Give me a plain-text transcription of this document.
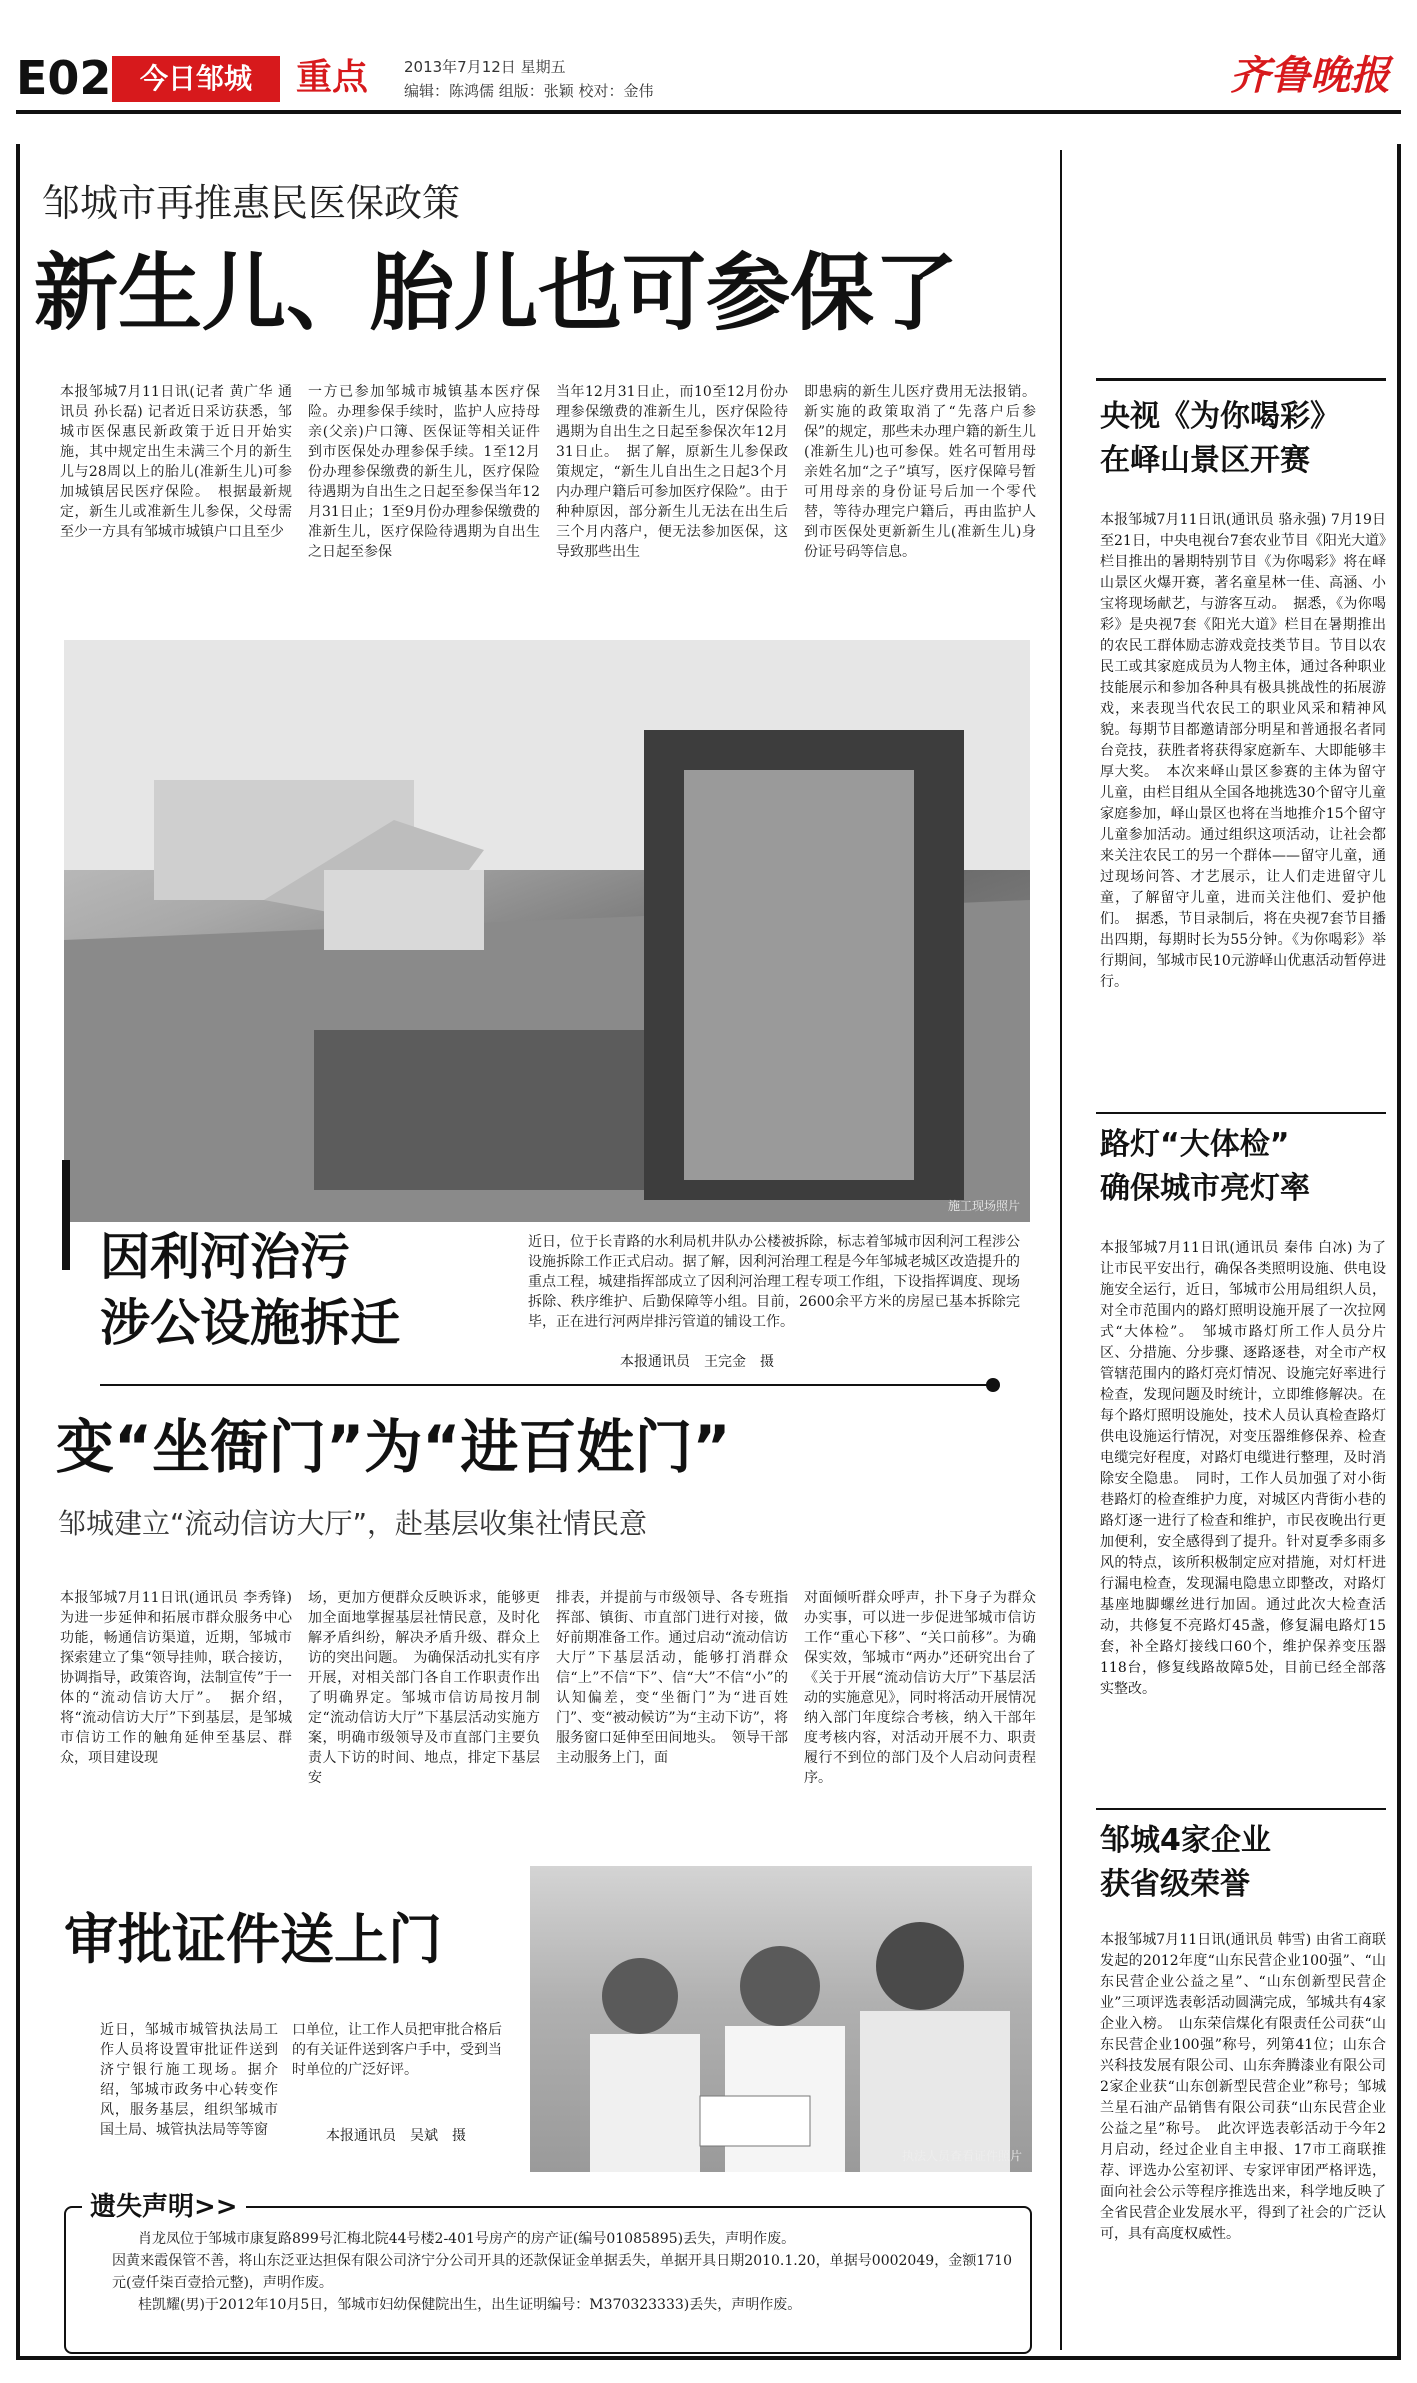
E02	今日邹城	重点 2013年7月12日 星期五
编辑：陈鸿儒 组版：张颖 校对：金伟	齐鲁晚报
邹城市再推惠民医保政策
新生儿、胎儿也可参保了
本报邹城7月11日讯(记者 黄广华 通讯员 孙长磊) 记者近日采访获悉，邹城市医保惠民新政策于近日开始实施，其中规定出生未满三个月的新生儿与28周以上的胎儿(准新生儿)可参加城镇居民医疗保险。　根据最新规定，新生儿或准新生儿参保，父母需至少一方具有邹城市城镇户口且至少
一方已参加邹城市城镇基本医疗保险。办理参保手续时，监护人应持母亲(父亲)户口簿、医保证等相关证件到市医保处办理参保手续。1至12月份办理参保缴费的新生儿，医疗保险待遇期为自出生之日起至参保当年12月31日止；1至9月份办理参保缴费的准新生儿，医疗保险待遇期为自出生之日起至参保
当年12月31日止，而10至12月份办理参保缴费的准新生儿，医疗保险待遇期为自出生之日起至参保次年12月31日止。　据了解，原新生儿参保政策规定，“新生儿自出生之日起3个月内办理户籍后可参加医疗保险”。由于种种原因，部分新生儿无法在出生后三个月内落户，便无法参加医保，这导致那些出生
即患病的新生儿医疗费用无法报销。新实施的政策取消了“先落户后参保”的规定，那些未办理户籍的新生儿(准新生儿)也可参保。姓名可暂用母亲姓名加“之子”填写，医疗保障号暂可用母亲的身份证号后加一个零代替，等待办理完户籍后，再由监护人到市医保处更新新生儿(准新生儿)身份证号码等信息。
施工现场照片
因利河治污
涉公设施拆迁
近日，位于长青路的水利局机井队办公楼被拆除，标志着邹城市因利河工程涉公设施拆除工作正式启动。据了解，因利河治理工程是今年邹城老城区改造提升的重点工程，城建指挥部成立了因利河治理工程专项工作组，下设指挥调度、现场拆除、秩序维护、后勤保障等小组。目前，2600余平方米的房屋已基本拆除完毕，正在进行河两岸排污管道的铺设工作。
本报通讯员　王完金　摄
变“坐衙门”为“进百姓门”
邹城建立“流动信访大厅”，赴基层收集社情民意
本报邹城7月11日讯(通讯员 李秀锋) 为进一步延伸和拓展市群众服务中心功能，畅通信访渠道，近期，邹城市探索建立了集“领导挂帅，联合接访，协调指导，政策咨询，法制宣传”于一体的“流动信访大厅”。　据介绍，将“流动信访大厅”下到基层，是邹城市信访工作的触角延伸至基层、群众，项目建设现
场，更加方便群众反映诉求，能够更加全面地掌握基层社情民意，及时化解矛盾纠纷，解决矛盾升级、群众上访的突出问题。　为确保活动扎实有序开展，对相关部门各自工作职责作出了明确界定。邹城市信访局按月制定“流动信访大厅”下基层活动实施方案，明确市级领导及市直部门主要负责人下访的时间、地点，排定下基层安
排表，并提前与市级领导、各专班指挥部、镇街、市直部门进行对接，做好前期准备工作。通过启动“流动信访大厅”下基层活动，能够打消群众信“上”不信“下”、信“大”不信“小”的认知偏差，变“坐衙门”为“进百姓门”、变“被动候访”为“主动下访”，将服务窗口延伸至田间地头。　领导干部主动服务上门，面
对面倾听群众呼声，扑下身子为群众办实事，可以进一步促进邹城市信访工作“重心下移”、“关口前移”。为确保实效，邹城市“两办”还研究出台了《关于开展“流动信访大厅”下基层活动的实施意见》，同时将活动开展情况纳入部门年度综合考核，纳入干部年度考核内容，对活动开展不力、职责履行不到位的部门及个人启动问责程序。
审批证件送上门
近日，邹城市城管执法局工作人员将设置审批证件送到济宁银行施工现场。据介绍，邹城市政务中心转变作风，服务基层，组织邹城市国土局、城管执法局等等窗
口单位，让工作人员把审批合格后的有关证件送到客户手中，受到当时单位的广泛好评。
本报通讯员　吴斌　摄
执法人员查看证件照片
遗失声明>>
肖龙凤位于邹城市康复路899号汇梅北院44号楼2-401号房产的房产证(编号01085895)丢失，声明作废。
因黄来霞保管不善，将山东泛亚达担保有限公司济宁分公司开具的还款保证金单据丢失，单据开具日期2010.1.20，单据号0002049，金额1710元(壹仟柒百壹拾元整)，声明作废。
桂凯耀(男)于2012年10月5日，邹城市妇幼保健院出生，出生证明编号：M370323333)丢失，声明作废。
央视《为你喝彩》
在峄山景区开赛
本报邹城7月11日讯(通讯员 骆永强) 7月19日至21日，中央电视台7套农业节目《阳光大道》栏目推出的暑期特别节目《为你喝彩》将在峄山景区火爆开赛，著名童星林一佳、高涵、小宝将现场献艺，与游客互动。　据悉，《为你喝彩》是央视7套《阳光大道》栏目在暑期推出的农民工群体励志游戏竞技类节目。节目以农民工或其家庭成员为人物主体，通过各种职业技能展示和参加各种具有极具挑战性的拓展游戏，来表现当代农民工的职业风采和精神风貌。每期节目都邀请部分明星和普通报名者同台竞技，获胜者将获得家庭新车、大即能够丰厚大奖。　本次来峄山景区参赛的主体为留守儿童，由栏目组从全国各地挑选30个留守儿童家庭参加，峄山景区也将在当地推介15个留守儿童参加活动。通过组织这项活动，让社会都来关注农民工的另一个群体——留守儿童，通过现场问答、才艺展示，让人们走进留守儿童，了解留守儿童，进而关注他们、爱护他们。　据悉，节目录制后，将在央视7套节目播出四期，每期时长为55分钟。《为你喝彩》举行期间，邹城市民10元游峄山优惠活动暂停进行。
路灯“大体检”
确保城市亮灯率
本报邹城7月11日讯(通讯员 秦伟 白冰) 为了让市民平安出行，确保各类照明设施、供电设施安全运行，近日，邹城市公用局组织人员，对全市范围内的路灯照明设施开展了一次拉网式“大体检”。　邹城市路灯所工作人员分片区、分措施、分步骤、逐路逐巷，对全市产权管辖范围内的路灯亮灯情况、设施完好率进行检查，发现问题及时统计，立即维修解决。在每个路灯照明设施处，技术人员认真检查路灯供电设施运行情况，对变压器维修保养、检查电缆完好程度，对路灯电缆进行整理，及时消除安全隐患。　同时，工作人员加强了对小街巷路灯的检查维护力度，对城区内背街小巷的路灯逐一进行了检查和维护，市民夜晚出行更加便利，安全感得到了提升。针对夏季多雨多风的特点，该所积极制定应对措施，对灯杆进行漏电检查，发现漏电隐患立即整改，对路灯基座地脚螺丝进行加固。通过此次大检查活动，共修复不亮路灯45盏，修复漏电路灯15套，补全路灯接线口60个，维护保养变压器118台，修复线路故障5处，目前已经全部落实整改。
邹城4家企业
获省级荣誉
本报邹城7月11日讯(通讯员 韩雪) 由省工商联发起的2012年度“山东民营企业100强”、“山东民营企业公益之星”、“山东创新型民营企业”三项评选表彰活动圆满完成，邹城共有4家企业入榜。　山东荣信煤化有限责任公司获“山东民营企业100强”称号，列第41位；山东合兴科技发展有限公司、山东奔腾漆业有限公司2家企业获“山东创新型民营企业”称号；邹城兰星石油产品销售有限公司获“山东民营企业公益之星”称号。　此次评选表彰活动于今年2月启动，经过企业自主申报、17市工商联推荐、评选办公室初评、专家评审团严格评选，面向社会公示等程序推选出来，科学地反映了全省民营企业发展水平，得到了社会的广泛认可，具有高度权威性。
